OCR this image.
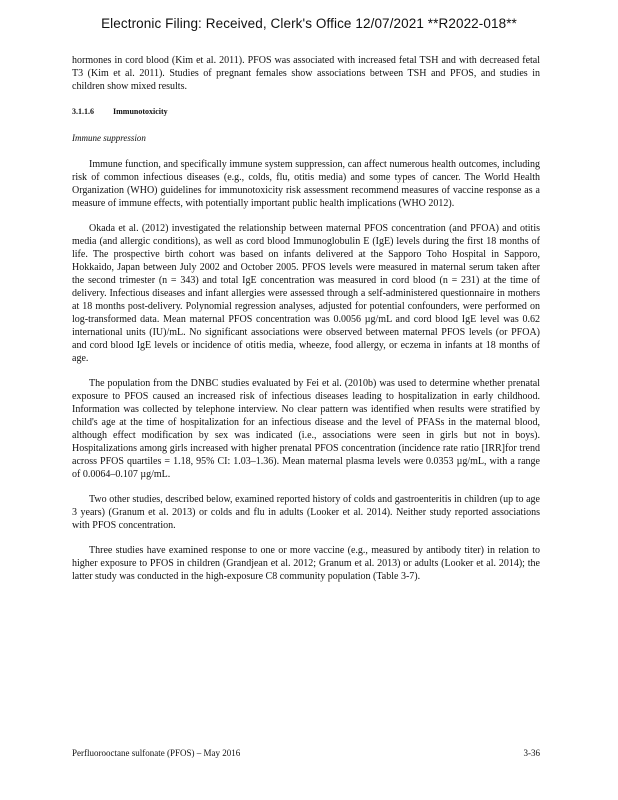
Electronic Filing: Received, Clerk's Office 12/07/2021 **R2022-018**

hormones in cord blood (Kim et al. 2011). PFOS was associated with increased fetal TSH and with decreased fetal T3 (Kim et al. 2011). Studies of pregnant females show associations between TSH and PFOS, and studies in children show mixed results.

3.1.1.6 Immunotoxicity
Immune suppression

Immune function, and specifically immune system suppression, can affect numerous health outcomes, including risk of common infectious diseases (e.g., colds, flu, otitis media) and some types of cancer. The World Health Organization (WHO) guidelines for immunotoxicity risk assessment recommend measures of vaccine response as a measure of immune effects, with potentially important public health implications (WHO 2012).

Okada et al. (2012) investigated the relationship between maternal PFOS concentration (and PFOA) and otitis media (and allergic conditions), as well as cord blood Immunoglobulin E (IgE) levels during the first 18 months of life. The prospective birth cohort was based on infants delivered at the Sapporo Toho Hospital in Sapporo, Hokkaido, Japan between July 2002 and October 2005. PFOS levels were measured in maternal serum taken after the second trimester (n = 343) and total IgE concentration was measured in cord blood (n = 231) at the time of delivery. Infectious diseases and infant allergies were assessed through a self-administered questionnaire in mothers at 18 months post-delivery. Polynomial regression analyses, adjusted for potential confounders, were performed on log-transformed data. Mean maternal PFOS concentration was 0.0056 µg/mL and cord blood IgE level was 0.62 international units (IU)/mL. No significant associations were observed between maternal PFOS levels (or PFOA) and cord blood IgE levels or incidence of otitis media, wheeze, food allergy, or eczema in infants at 18 months of age.

The population from the DNBC studies evaluated by Fei et al. (2010b) was used to determine whether prenatal exposure to PFOS caused an increased risk of infectious diseases leading to hospitalization in early childhood. Information was collected by telephone interview. No clear pattern was identified when results were stratified by child's age at the time of hospitalization for an infectious disease and the level of PFASs in the maternal blood, although effect modification by sex was indicated (i.e., associations were seen in girls but not in boys). Hospitalizations among girls increased with higher prenatal PFOS concentration (incidence rate ratio [IRR]for trend across PFOS quartiles = 1.18, 95% CI: 1.03–1.36). Mean maternal plasma levels were 0.0353 µg/mL, with a range of 0.0064–0.107 µg/mL.

Two other studies, described below, examined reported history of colds and gastroenteritis in children (up to age 3 years) (Granum et al. 2013) or colds and flu in adults (Looker et al. 2014). Neither study reported associations with PFOS concentration.

Three studies have examined response to one or more vaccine (e.g., measured by antibody titer) in relation to higher exposure to PFOS in children (Grandjean et al. 2012; Granum et al. 2013) or adults (Looker et al. 2014); the latter study was conducted in the high-exposure C8 community population (Table 3-7).

Perfluorooctane sulfonate (PFOS) – May 2016	3-36
